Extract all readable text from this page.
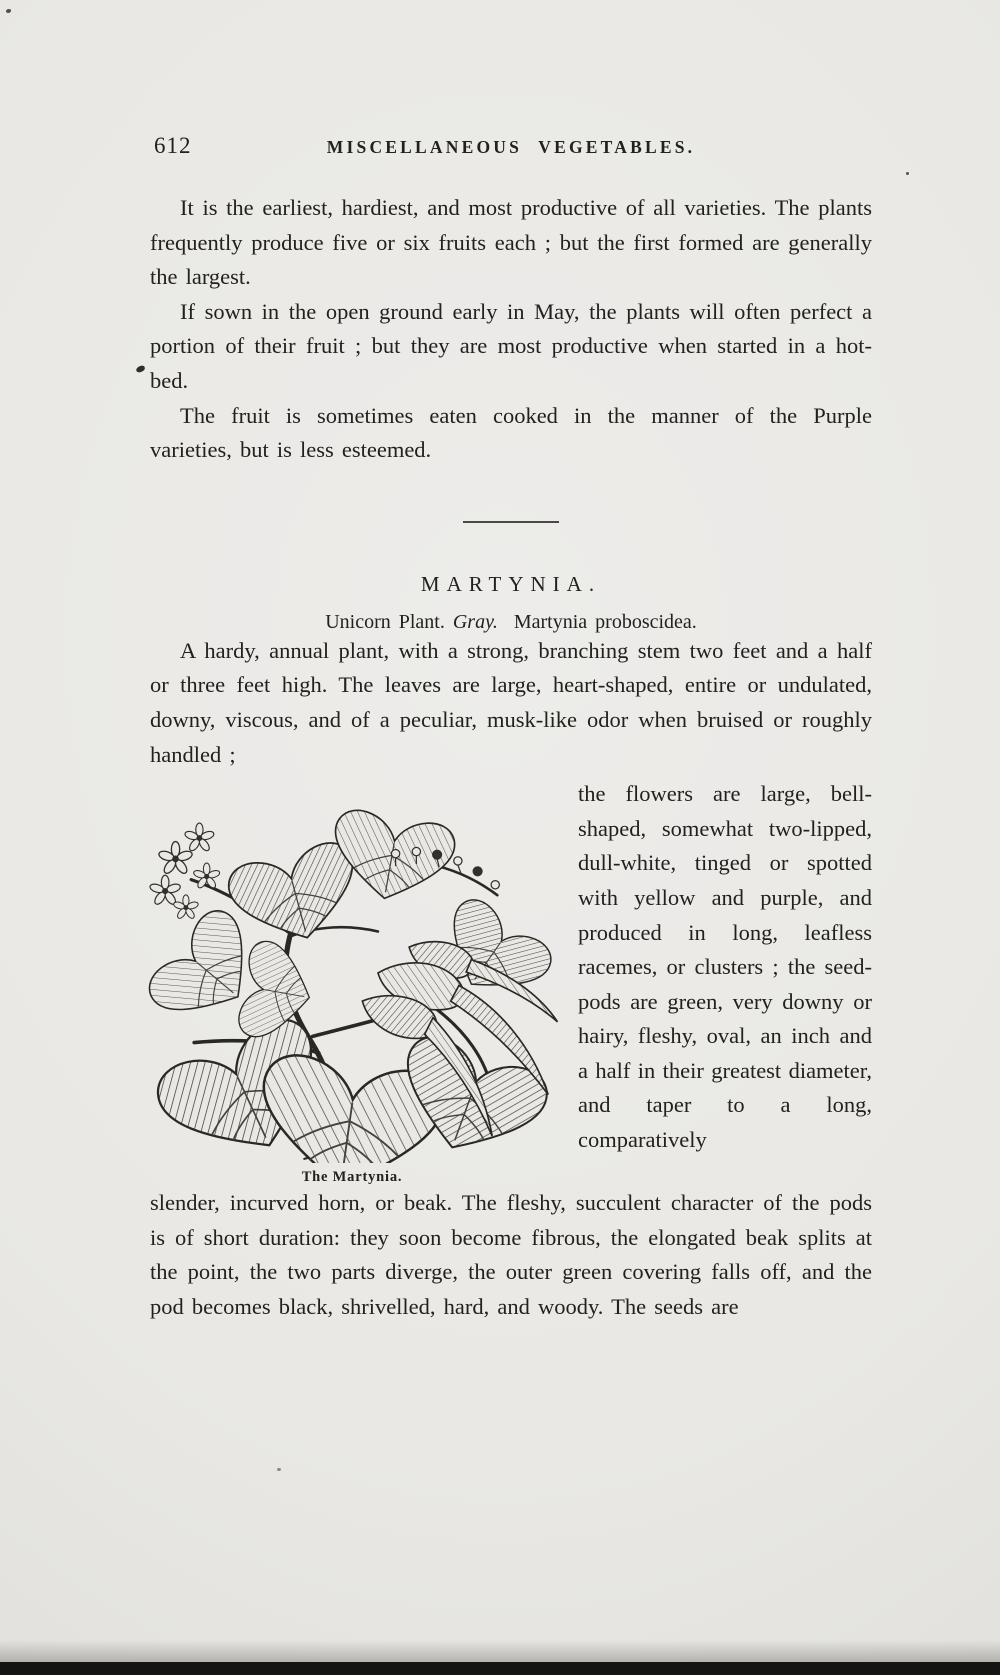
612	MISCELLANEOUS VEGETABLES.

It is the earliest, hardiest, and most productive of all varieties. The plants frequently produce five or six fruits each ; but the first formed are generally the largest.

If sown in the open ground early in May, the plants will often perfect a portion of their fruit ; but they are most productive when started in a hot-bed.

The fruit is sometimes eaten cooked in the manner of the Purple varieties, but is less esteemed.

MARTYNIA.

Unicorn Plant. Gray. Martynia proboscidea.

A hardy, annual plant, with a strong, branching stem two feet and a half or three feet high. The leaves are large, heart-shaped, entire or undulated, downy, viscous, and of a peculiar, musk-like odor when bruised or roughly handled ;

The Martynia.

the flowers are large, bell-shaped, somewhat two-lipped, dull-white, tinged or spotted with yellow and purple, and produced in long, leafless racemes, or clusters ; the seed-pods are green, very downy or hairy, fleshy, oval, an inch and a half in their greatest diameter, and taper to a long, comparatively

slender, incurved horn, or beak. The fleshy, succulent character of the pods is of short duration: they soon become fibrous, the elongated beak splits at the point, the two parts diverge, the outer green covering falls off, and the pod becomes black, shrivelled, hard, and woody. The seeds are
